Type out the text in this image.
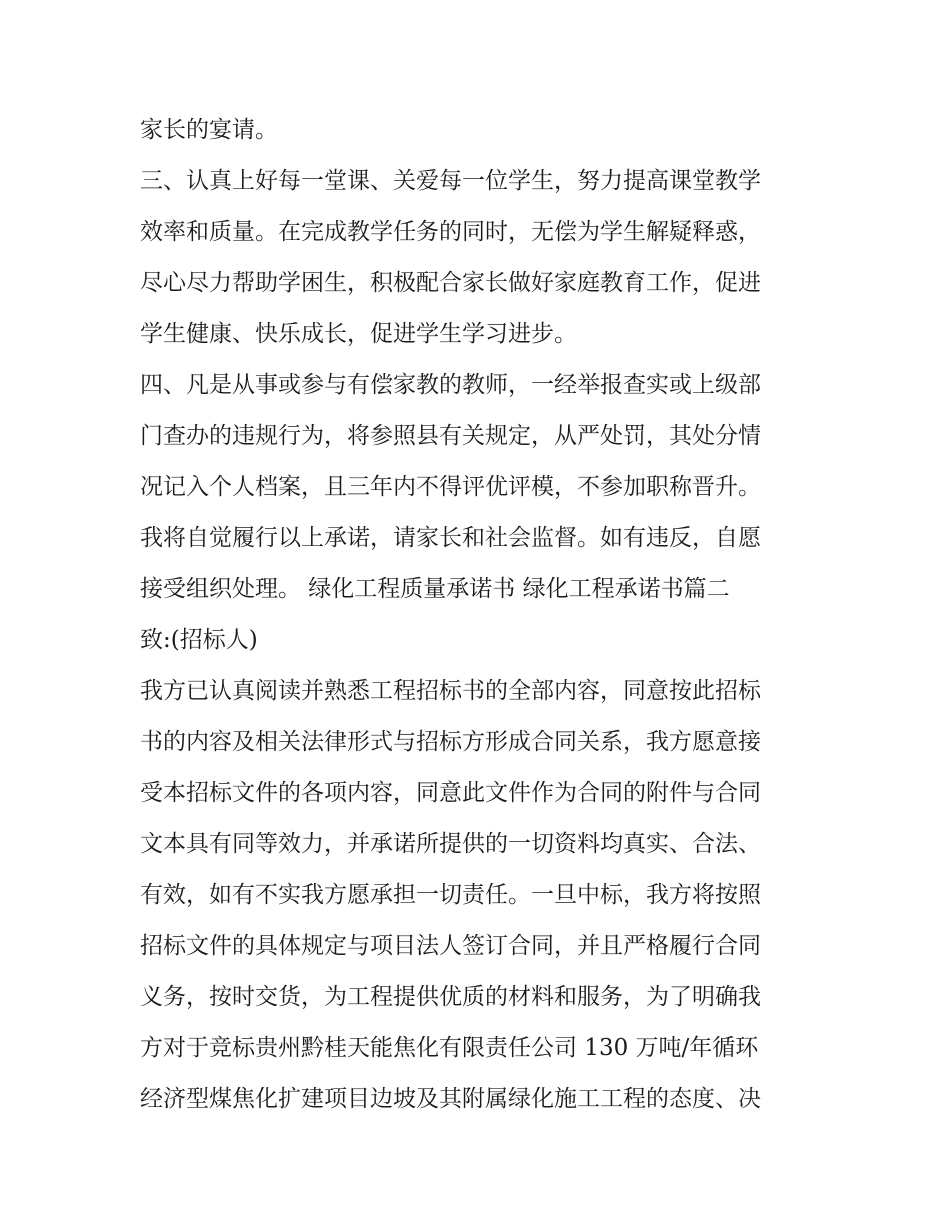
家长的宴请。
三、认真上好每一堂课、关爱每一位学生，努力提高课堂教学
效率和质量。在完成教学任务的同时，无偿为学生解疑释惑，
尽心尽力帮助学困生，积极配合家长做好家庭教育工作，促进
学生健康、快乐成长，促进学生学习进步。
四、凡是从事或参与有偿家教的教师，一经举报查实或上级部
门查办的违规行为，将参照县有关规定，从严处罚，其处分情
况记入个人档案，且三年内不得评优评模，不参加职称晋升。
我将自觉履行以上承诺，请家长和社会监督。如有违反，自愿
接受组织处理。 绿化工程质量承诺书 绿化工程承诺书篇二
致:(招标人)
我方已认真阅读并熟悉工程招标书的全部内容，同意按此招标
书的内容及相关法律形式与招标方形成合同关系，我方愿意接
受本招标文件的各项内容，同意此文件作为合同的附件与合同
文本具有同等效力，并承诺所提供的一切资料均真实、合法、
有效，如有不实我方愿承担一切责任。一旦中标，我方将按照
招标文件的具体规定与项目法人签订合同，并且严格履行合同
义务，按时交货，为工程提供优质的材料和服务，为了明确我
方对于竞标贵州黔桂天能焦化有限责任公司 130 万吨/年循环
经济型煤焦化扩建项目边坡及其附属绿化施工工程的态度、决
